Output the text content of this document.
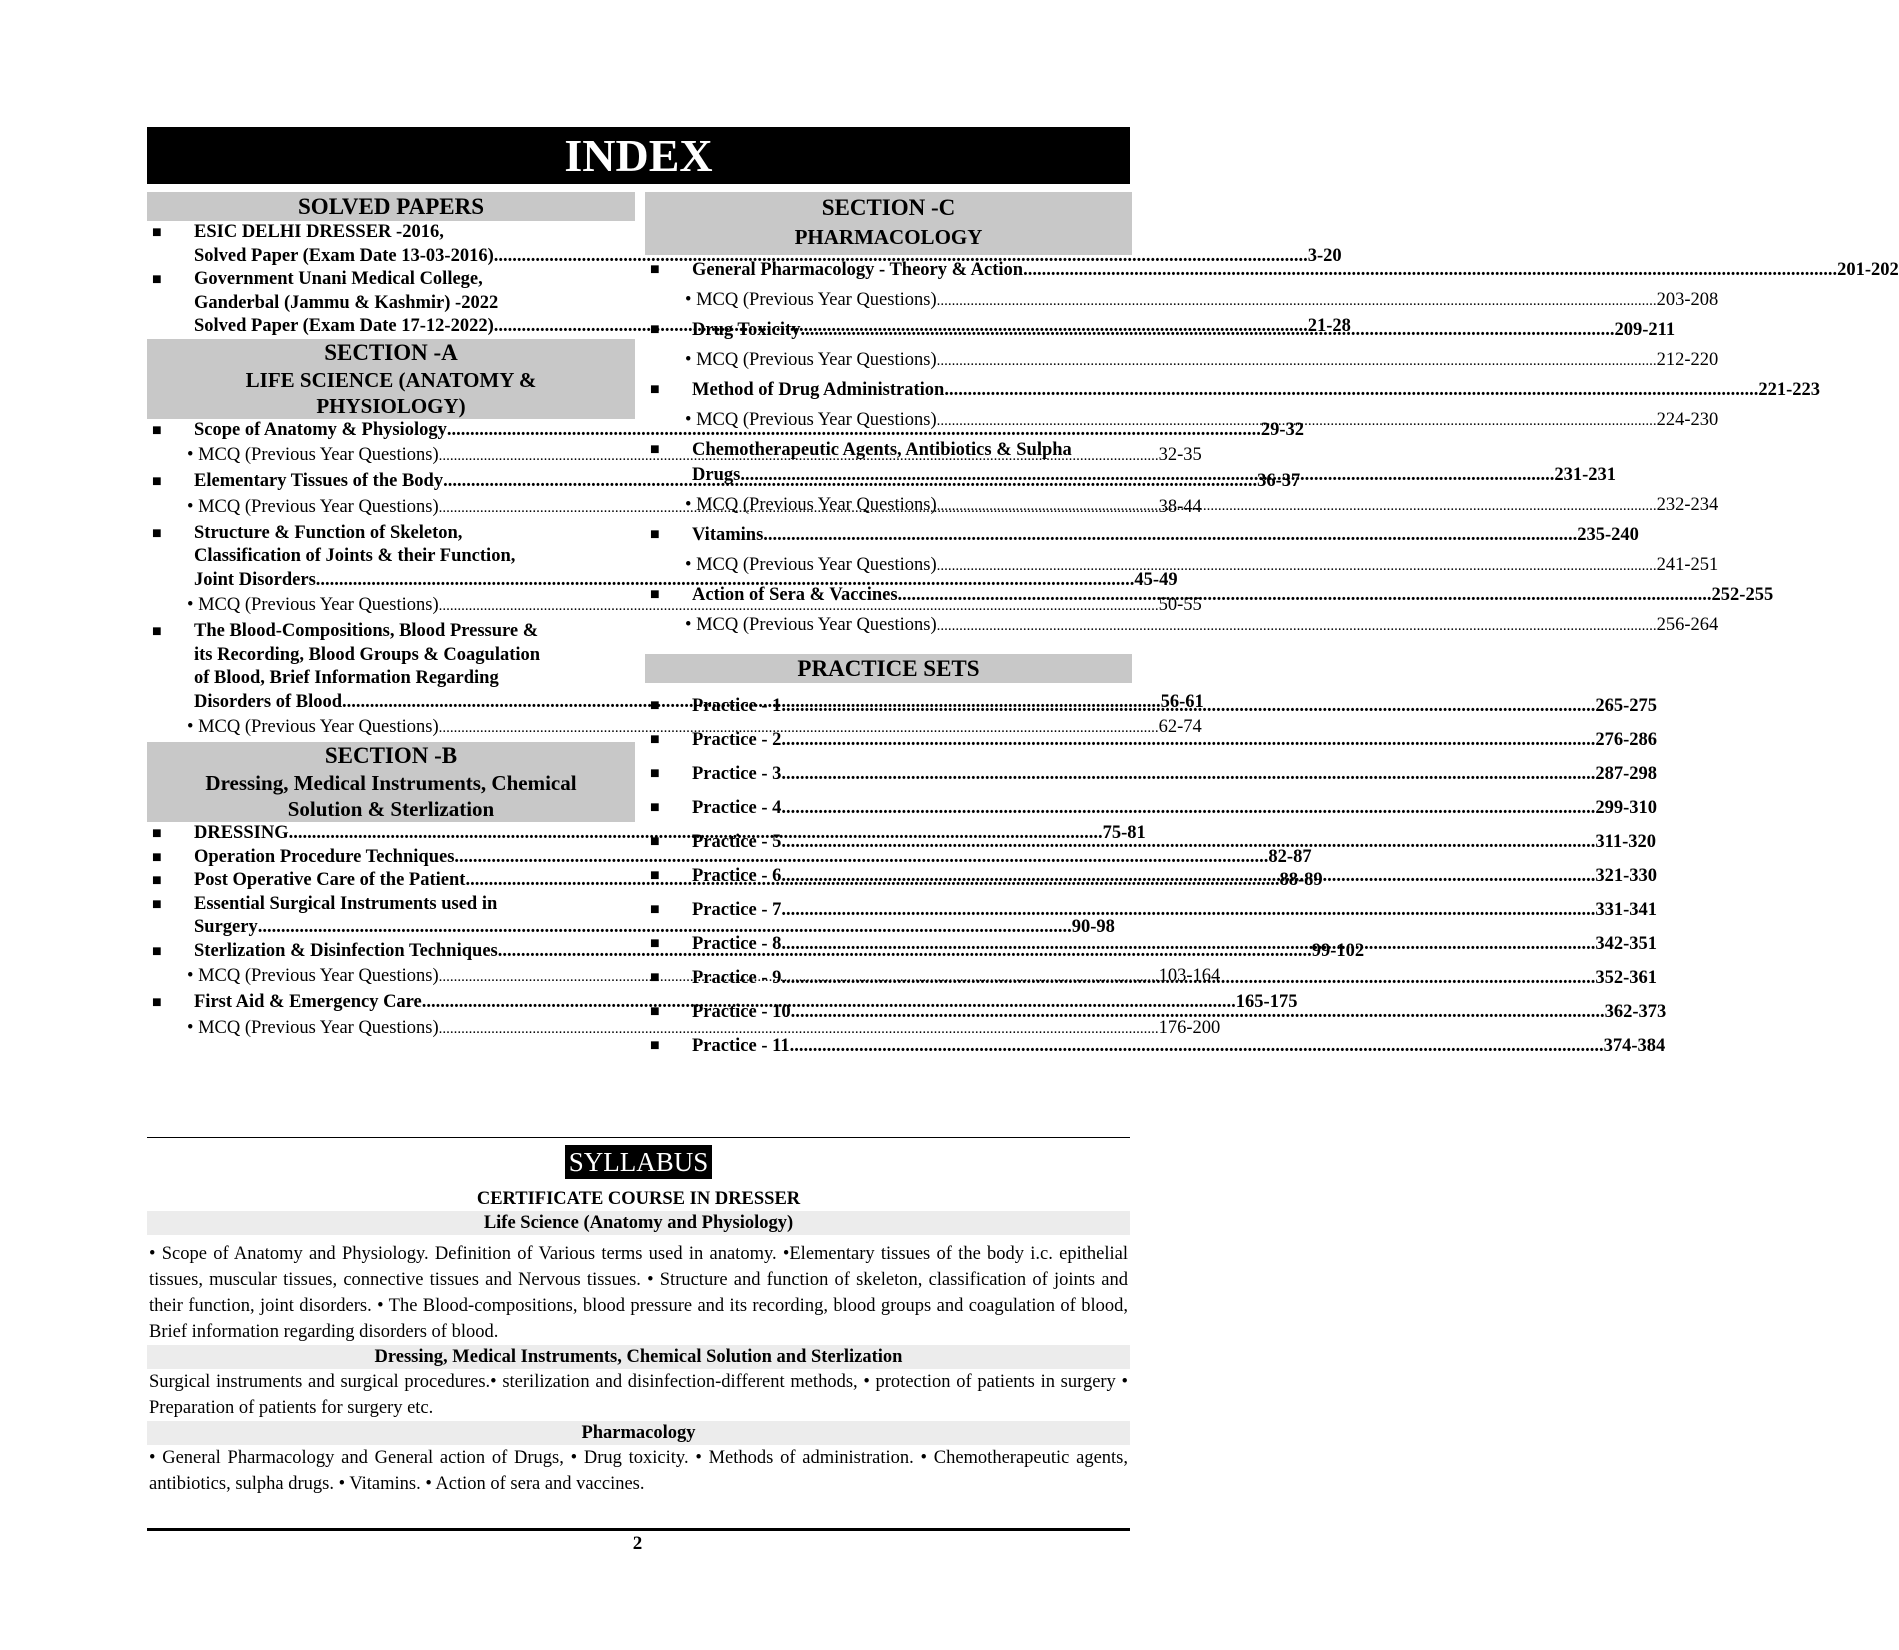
INDEX
SOLVED PAPERS
■	ESIC DELHI DRESSER -2016,
Solved Paper (Exam Date 13-03-2016) .....	3-20
■	Government Unani Medical College,
Ganderbal (Jammu & Kashmir) -2022
Solved Paper (Exam Date 17-12-2022) .....	21-28
SECTION -A
LIFE SCIENCE (ANATOMY & PHYSIOLOGY)
■	Scope of Anatomy & Physiology .....	29-32
• MCQ (Previous Year Questions) .....	32-35
■	Elementary Tissues of the Body .....	36-37
• MCQ (Previous Year Questions) .....	38-44
■	Structure & Function of Skeleton,
Classification of Joints & their Function,
Joint Disorders. .....	45-49
• MCQ (Previous Year Questions) .....	50-55
■	The Blood-Compositions, Blood Pressure &
its Recording, Blood Groups & Coagulation
of Blood, Brief Information Regarding
Disorders of Blood. .....	56-61
• MCQ (Previous Year Questions) .....	62-74
SECTION -B
Dressing, Medical Instruments, Chemical Solution & Sterlization
■	DRESSING .....	75-81
■	Operation Procedure Techniques .....	82-87
■	Post Operative Care of the Patient .....	88-89
■	Essential Surgical Instruments used in
Surgery .....	90-98
■	Sterlization & Disinfection Techniques .....	99-102
• MCQ (Previous Year Questions) .....	103-164
■	First Aid & Emergency Care .....	165-175
• MCQ (Previous Year Questions) .....	176-200
SECTION -C
PHARMACOLOGY
■	General Pharmacology - Theory & Action .....	201-202
• MCQ (Previous Year Questions) .....	203-208
■	Drug Toxicity .....	209-211
• MCQ (Previous Year Questions) .....	212-220
■	Method of Drug Administration .....	221-223
• MCQ (Previous Year Questions) .....	224-230
■	Chemotherapeutic Agents, Antibiotics & Sulpha
Drugs .....	231-231
• MCQ (Previous Year Questions) .....	232-234
■	Vitamins .....	235-240
• MCQ (Previous Year Questions) .....	241-251
■	Action of Sera & Vaccines .....	252-255
• MCQ (Previous Year Questions) .....	256-264
PRACTICE SETS
■	Practice - 1 .....	265-275
■	Practice - 2 .....	276-286
■	Practice - 3 .....	287-298
■	Practice - 4 .....	299-310
■	Practice - 5 .....	311-320
■	Practice - 6 .....	321-330
■	Practice - 7 .....	331-341
■	Practice - 8 .....	342-351
■	Practice - 9 .....	352-361
■	Practice - 10 .....	362-373
■	Practice - 11 .....	374-384
SYLLABUS
CERTIFICATE COURSE IN DRESSER
Life Science (Anatomy and Physiology)
• Scope of Anatomy and Physiology. Definition of Various terms used in anatomy. •Elementary tissues of the body i.c. epithelial tissues, muscular tissues, connective tissues and Nervous tissues. • Structure and function of skeleton, classification of joints and their function, joint disorders. • The Blood-compositions, blood pressure and its recording, blood groups and coagulation of blood, Brief information regarding disorders of blood.
Dressing, Medical Instruments, Chemical Solution and Sterlization
Surgical instruments and surgical procedures.• sterilization and disinfection-different methods, • protection of patients in surgery • Preparation of patients for surgery etc.
Pharmacology
• General Pharmacology and General action of Drugs, • Drug toxicity. • Methods of administration. • Chemotherapeutic agents, antibiotics, sulpha drugs. • Vitamins. • Action of sera and vaccines.
2
